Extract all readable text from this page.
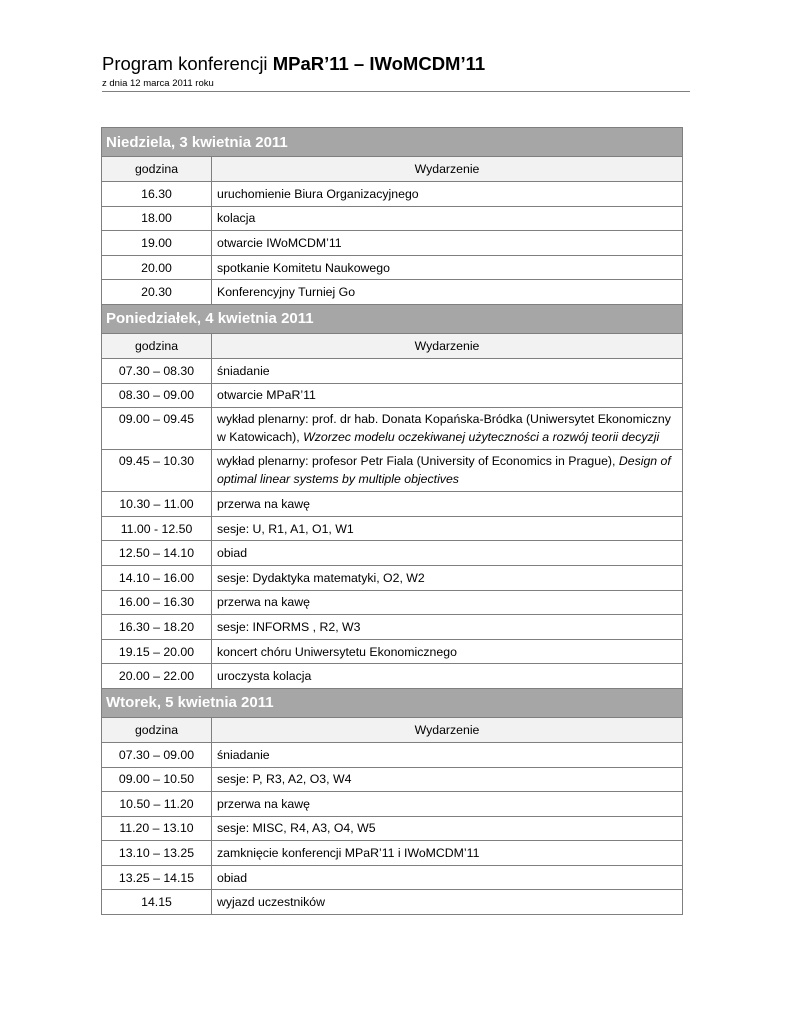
Program konferencji MPaR’11 – IWoMCDM’11
z dnia 12 marca 2011 roku
Niedziela, 3 kwietnia 2011	
godzina	Wydarzenie
16.30	uruchomienie Biura Organizacyjnego
18.00	kolacja
19.00	otwarcie IWoMCDM’11
20.00	spotkanie Komitetu Naukowego
20.30	Konferencyjny Turniej Go
Poniedziałek, 4 kwietnia 2011	
godzina	Wydarzenie
07.30 – 08.30	śniadanie
08.30 – 09.00	otwarcie MPaR’11
09.00 – 09.45	wykład plenarny: prof. dr hab. Donata Kopańska-Bródka (Uniwersytet Ekonomiczny w Katowicach), Wzorzec modelu oczekiwanej użyteczności a rozwój teorii decyzji
09.45 – 10.30	wykład plenarny: profesor Petr Fiala (University of Economics in Prague), Design of optimal linear systems by multiple objectives
10.30 – 11.00	przerwa na kawę
11.00 - 12.50	sesje: U, R1, A1, O1, W1
12.50 – 14.10	obiad
14.10 – 16.00	sesje: Dydaktyka matematyki, O2, W2
16.00 – 16.30	przerwa na kawę
16.30 – 18.20	sesje: INFORMS , R2, W3
19.15 – 20.00	koncert chóru Uniwersytetu Ekonomicznego
20.00 – 22.00	uroczysta kolacja
Wtorek, 5 kwietnia 2011	
godzina	Wydarzenie
07.30 – 09.00	śniadanie
09.00 – 10.50	sesje: P, R3, A2, O3, W4
10.50 – 11.20	przerwa na kawę
11.20 – 13.10	sesje: MISC, R4, A3, O4, W5
13.10 – 13.25	zamknięcie konferencji MPaR’11 i IWoMCDM’11
13.25 – 14.15	obiad
14.15	wyjazd uczestników
